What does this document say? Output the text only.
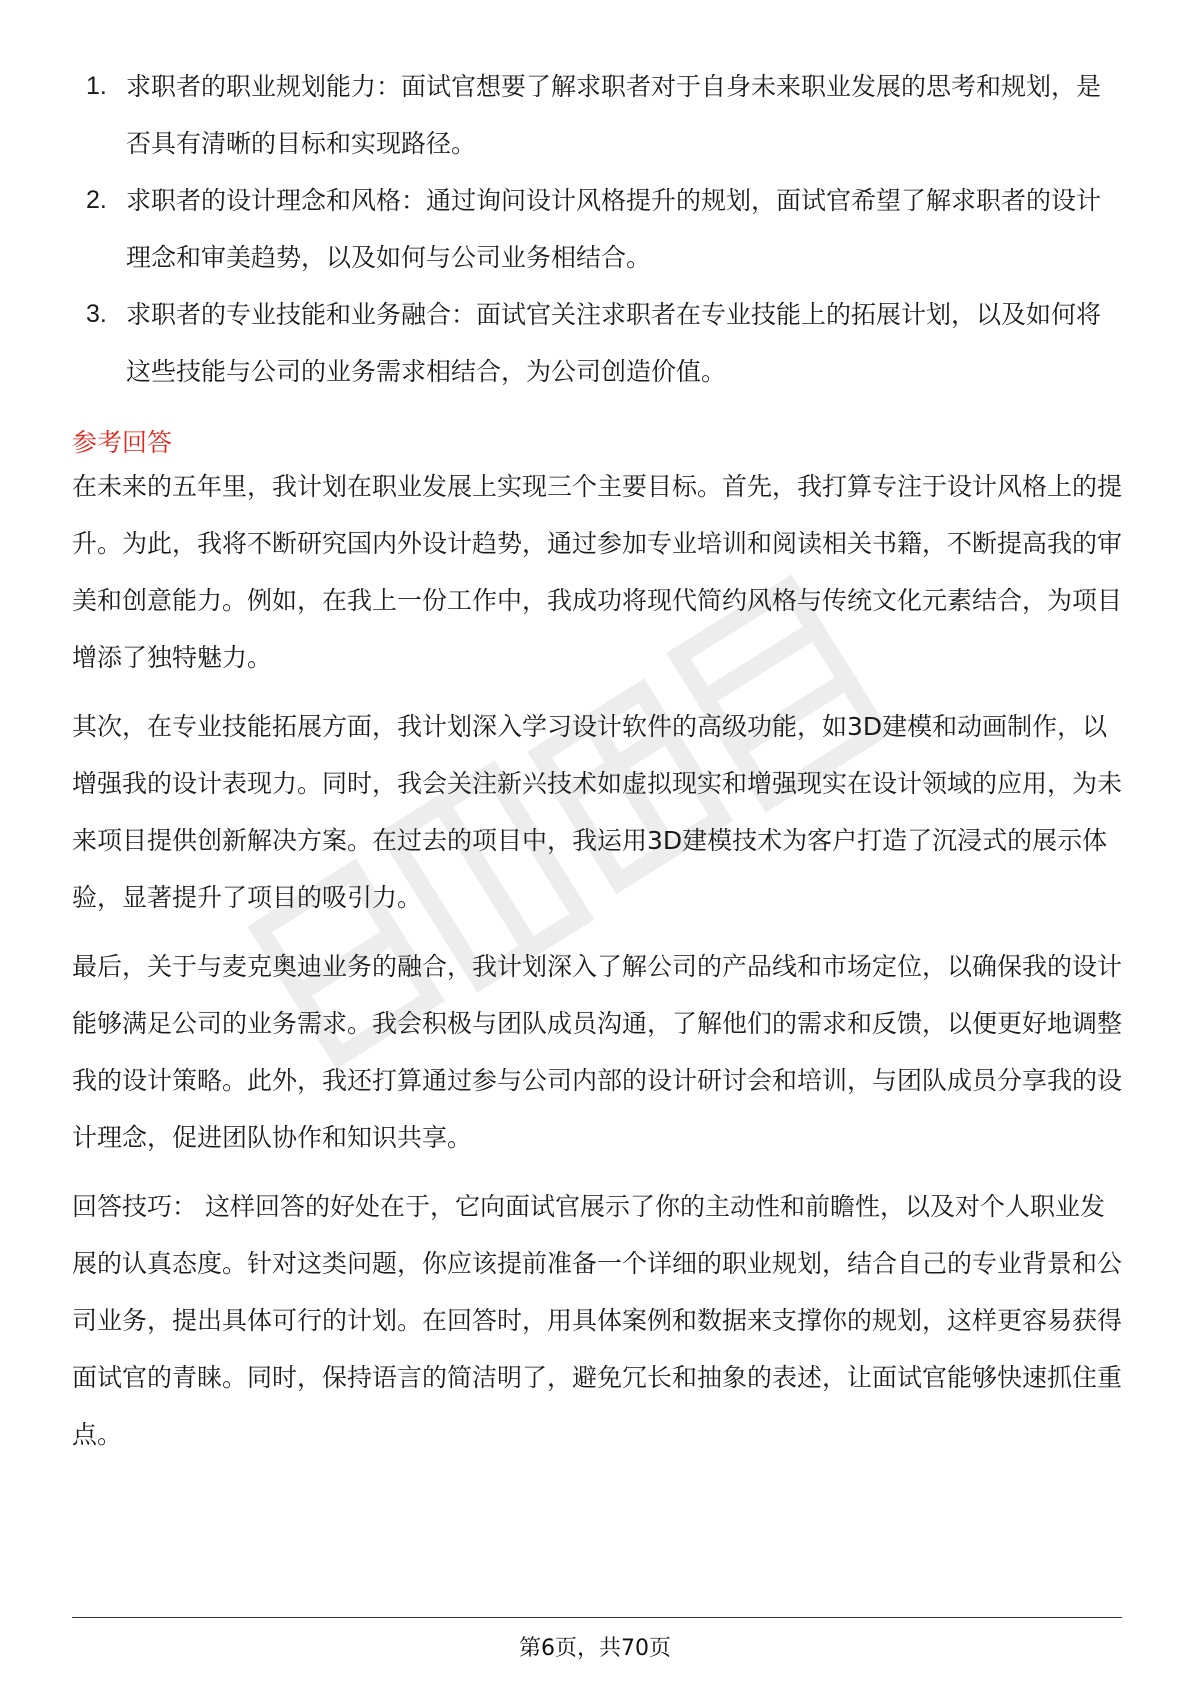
1. 求职者的职业规划能力：面试官想要了解求职者对于自身未来职业发展的思考和规划，是否具有清晰的目标和实现路径。
2. 求职者的设计理念和风格：通过询问设计风格提升的规划，面试官希望了解求职者的设计理念和审美趋势，以及如何与公司业务相结合。
3. 求职者的专业技能和业务融合：面试官关注求职者在专业技能上的拓展计划，以及如何将这些技能与公司的业务需求相结合，为公司创造价值。
参考回答

在未来的五年里，我计划在职业发展上实现三个主要目标。首先，我打算专注于设计风格上的提升。为此，我将不断研究国内外设计趋势，通过参加专业培训和阅读相关书籍，不断提高我的审美和创意能力。例如，在我上一份工作中，我成功将现代简约风格与传统文化元素结合，为项目增添了独特魅力。

其次，在专业技能拓展方面，我计划深入学习设计软件的高级功能，如3D建模和动画制作，以增强我的设计表现力。同时，我会关注新兴技术如虚拟现实和增强现实在设计领域的应用，为未来项目提供创新解决方案。在过去的项目中，我运用3D建模技术为客户打造了沉浸式的展示体验，显著提升了项目的吸引力。

最后，关于与麦克奥迪业务的融合，我计划深入了解公司的产品线和市场定位，以确保我的设计能够满足公司的业务需求。我会积极与团队成员沟通，了解他们的需求和反馈，以便更好地调整我的设计策略。此外，我还打算通过参与公司内部的设计研讨会和培训，与团队成员分享我的设计理念，促进团队协作和知识共享。

回答技巧： 这样回答的好处在于，它向面试官展示了你的主动性和前瞻性，以及对个人职业发展的认真态度。针对这类问题，你应该提前准备一个详细的职业规划，结合自己的专业背景和公司业务，提出具体可行的计划。在回答时，用具体案例和数据来支撑你的规划，这样更容易获得面试官的青睐。同时，保持语言的简洁明了，避免冗长和抽象的表述，让面试官能够快速抓住重点。

第6页，共70页
